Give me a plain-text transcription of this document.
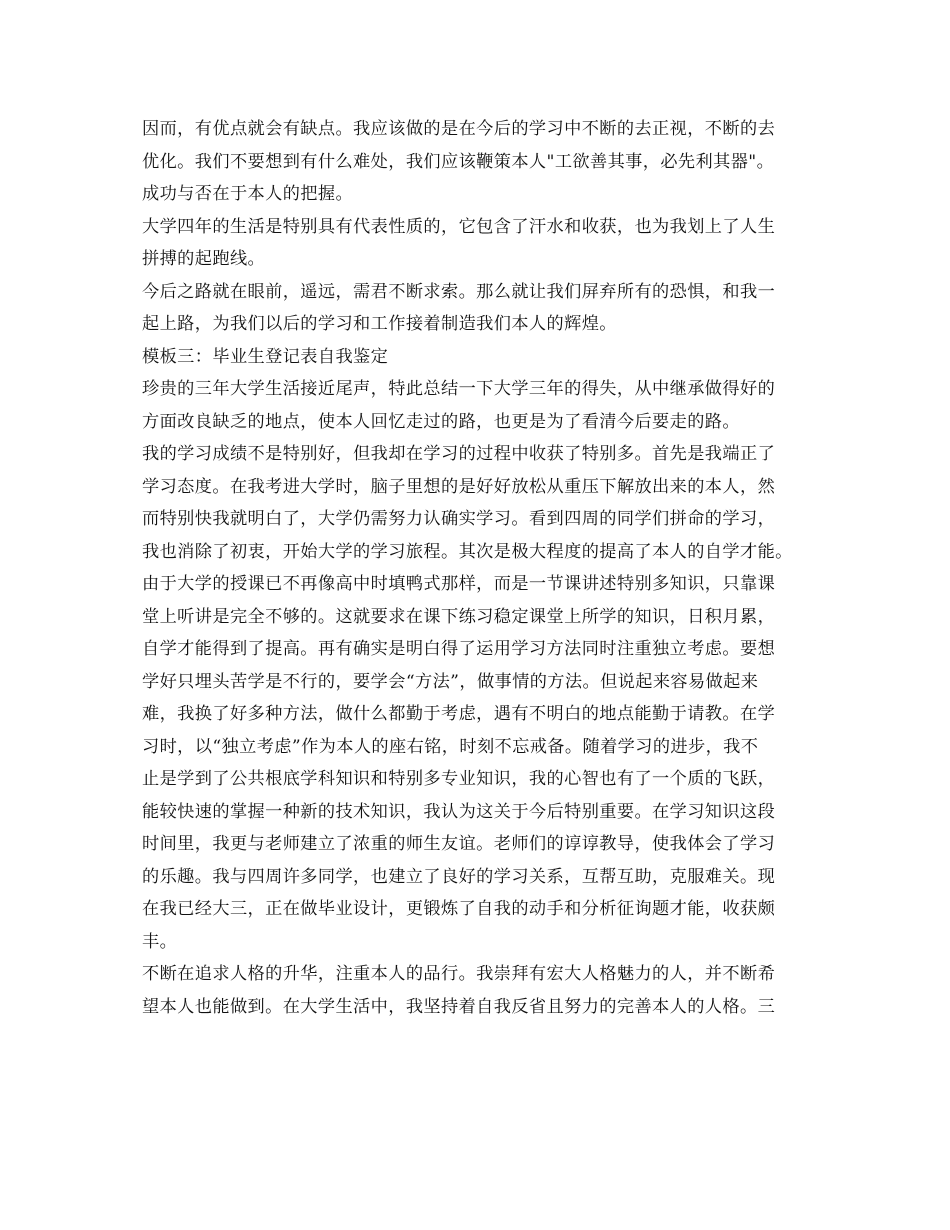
因而，有优点就会有缺点。我应该做的是在今后的学习中不断的去正视，不断的去
优化。我们不要想到有什么难处，我们应该鞭策本人"工欲善其事，必先利其器"。
成功与否在于本人的把握。
大学四年的生活是特别具有代表性质的，它包含了汗水和收获，也为我划上了人生
拼搏的起跑线。
今后之路就在眼前，遥远，需君不断求索。那么就让我们屏弃所有的恐惧，和我一
起上路，为我们以后的学习和工作接着制造我们本人的辉煌。
模板三：毕业生登记表自我鉴定
珍贵的三年大学生活接近尾声，特此总结一下大学三年的得失，从中继承做得好的
方面改良缺乏的地点，使本人回忆走过的路，也更是为了看清今后要走的路。
我的学习成绩不是特别好，但我却在学习的过程中收获了特别多。首先是我端正了
学习态度。在我考进大学时，脑子里想的是好好放松从重压下解放出来的本人，然
而特别快我就明白了，大学仍需努力认确实学习。看到四周的同学们拼命的学习，
我也消除了初衷，开始大学的学习旅程。其次是极大程度的提高了本人的自学才能。
由于大学的授课已不再像高中时填鸭式那样，而是一节课讲述特别多知识，只靠课
堂上听讲是完全不够的。这就要求在课下练习稳定课堂上所学的知识，日积月累，
自学才能得到了提高。再有确实是明白得了运用学习方法同时注重独立考虑。要想
学好只埋头苦学是不行的，要学会“方法”，做事情的方法。但说起来容易做起来
难，我换了好多种方法，做什么都勤于考虑，遇有不明白的地点能勤于请教。在学
习时，以“独立考虑”作为本人的座右铭，时刻不忘戒备。随着学习的进步，我不
止是学到了公共根底学科知识和特别多专业知识，我的心智也有了一个质的飞跃，
能较快速的掌握一种新的技术知识，我认为这关于今后特别重要。在学习知识这段
时间里，我更与老师建立了浓重的师生友谊。老师们的谆谆教导，使我体会了学习
的乐趣。我与四周许多同学，也建立了良好的学习关系，互帮互助，克服难关。现
在我已经大三，正在做毕业设计，更锻炼了自我的动手和分析征询题才能，收获颇
丰。
不断在追求人格的升华，注重本人的品行。我崇拜有宏大人格魅力的人，并不断希
望本人也能做到。在大学生活中，我坚持着自我反省且努力的完善本人的人格。三
